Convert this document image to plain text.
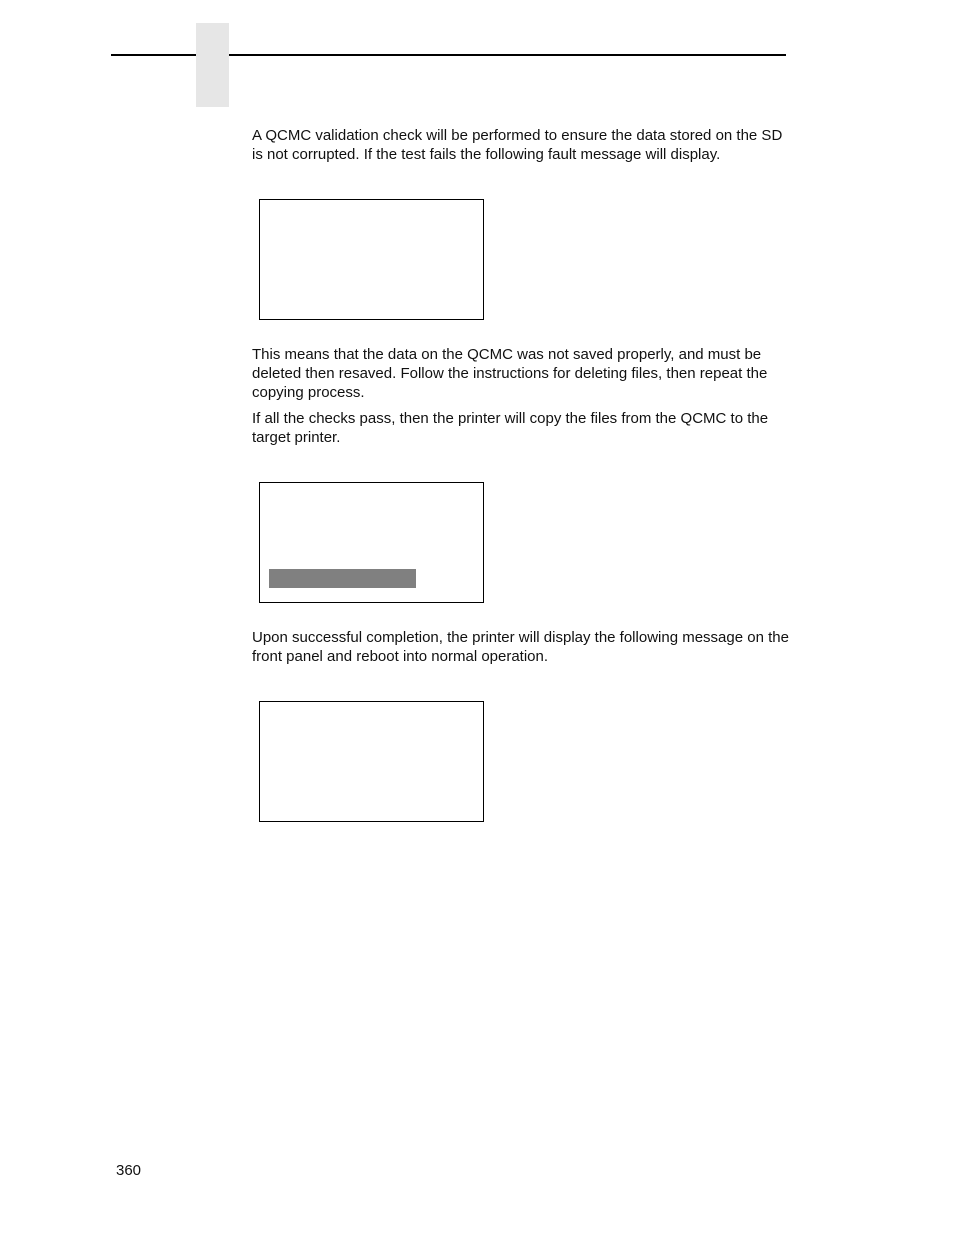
A QCMC validation check will be performed to ensure the data stored on the SD is not corrupted. If the test fails the following fault message will display.

This means that the data on the QCMC was not saved properly, and must be deleted then resaved. Follow the instructions for deleting files, then repeat the copying process.

If all the checks pass, then the printer will copy the files from the QCMC to the target printer.

Upon successful completion, the printer will display the following message on the front panel and reboot into normal operation.

360
